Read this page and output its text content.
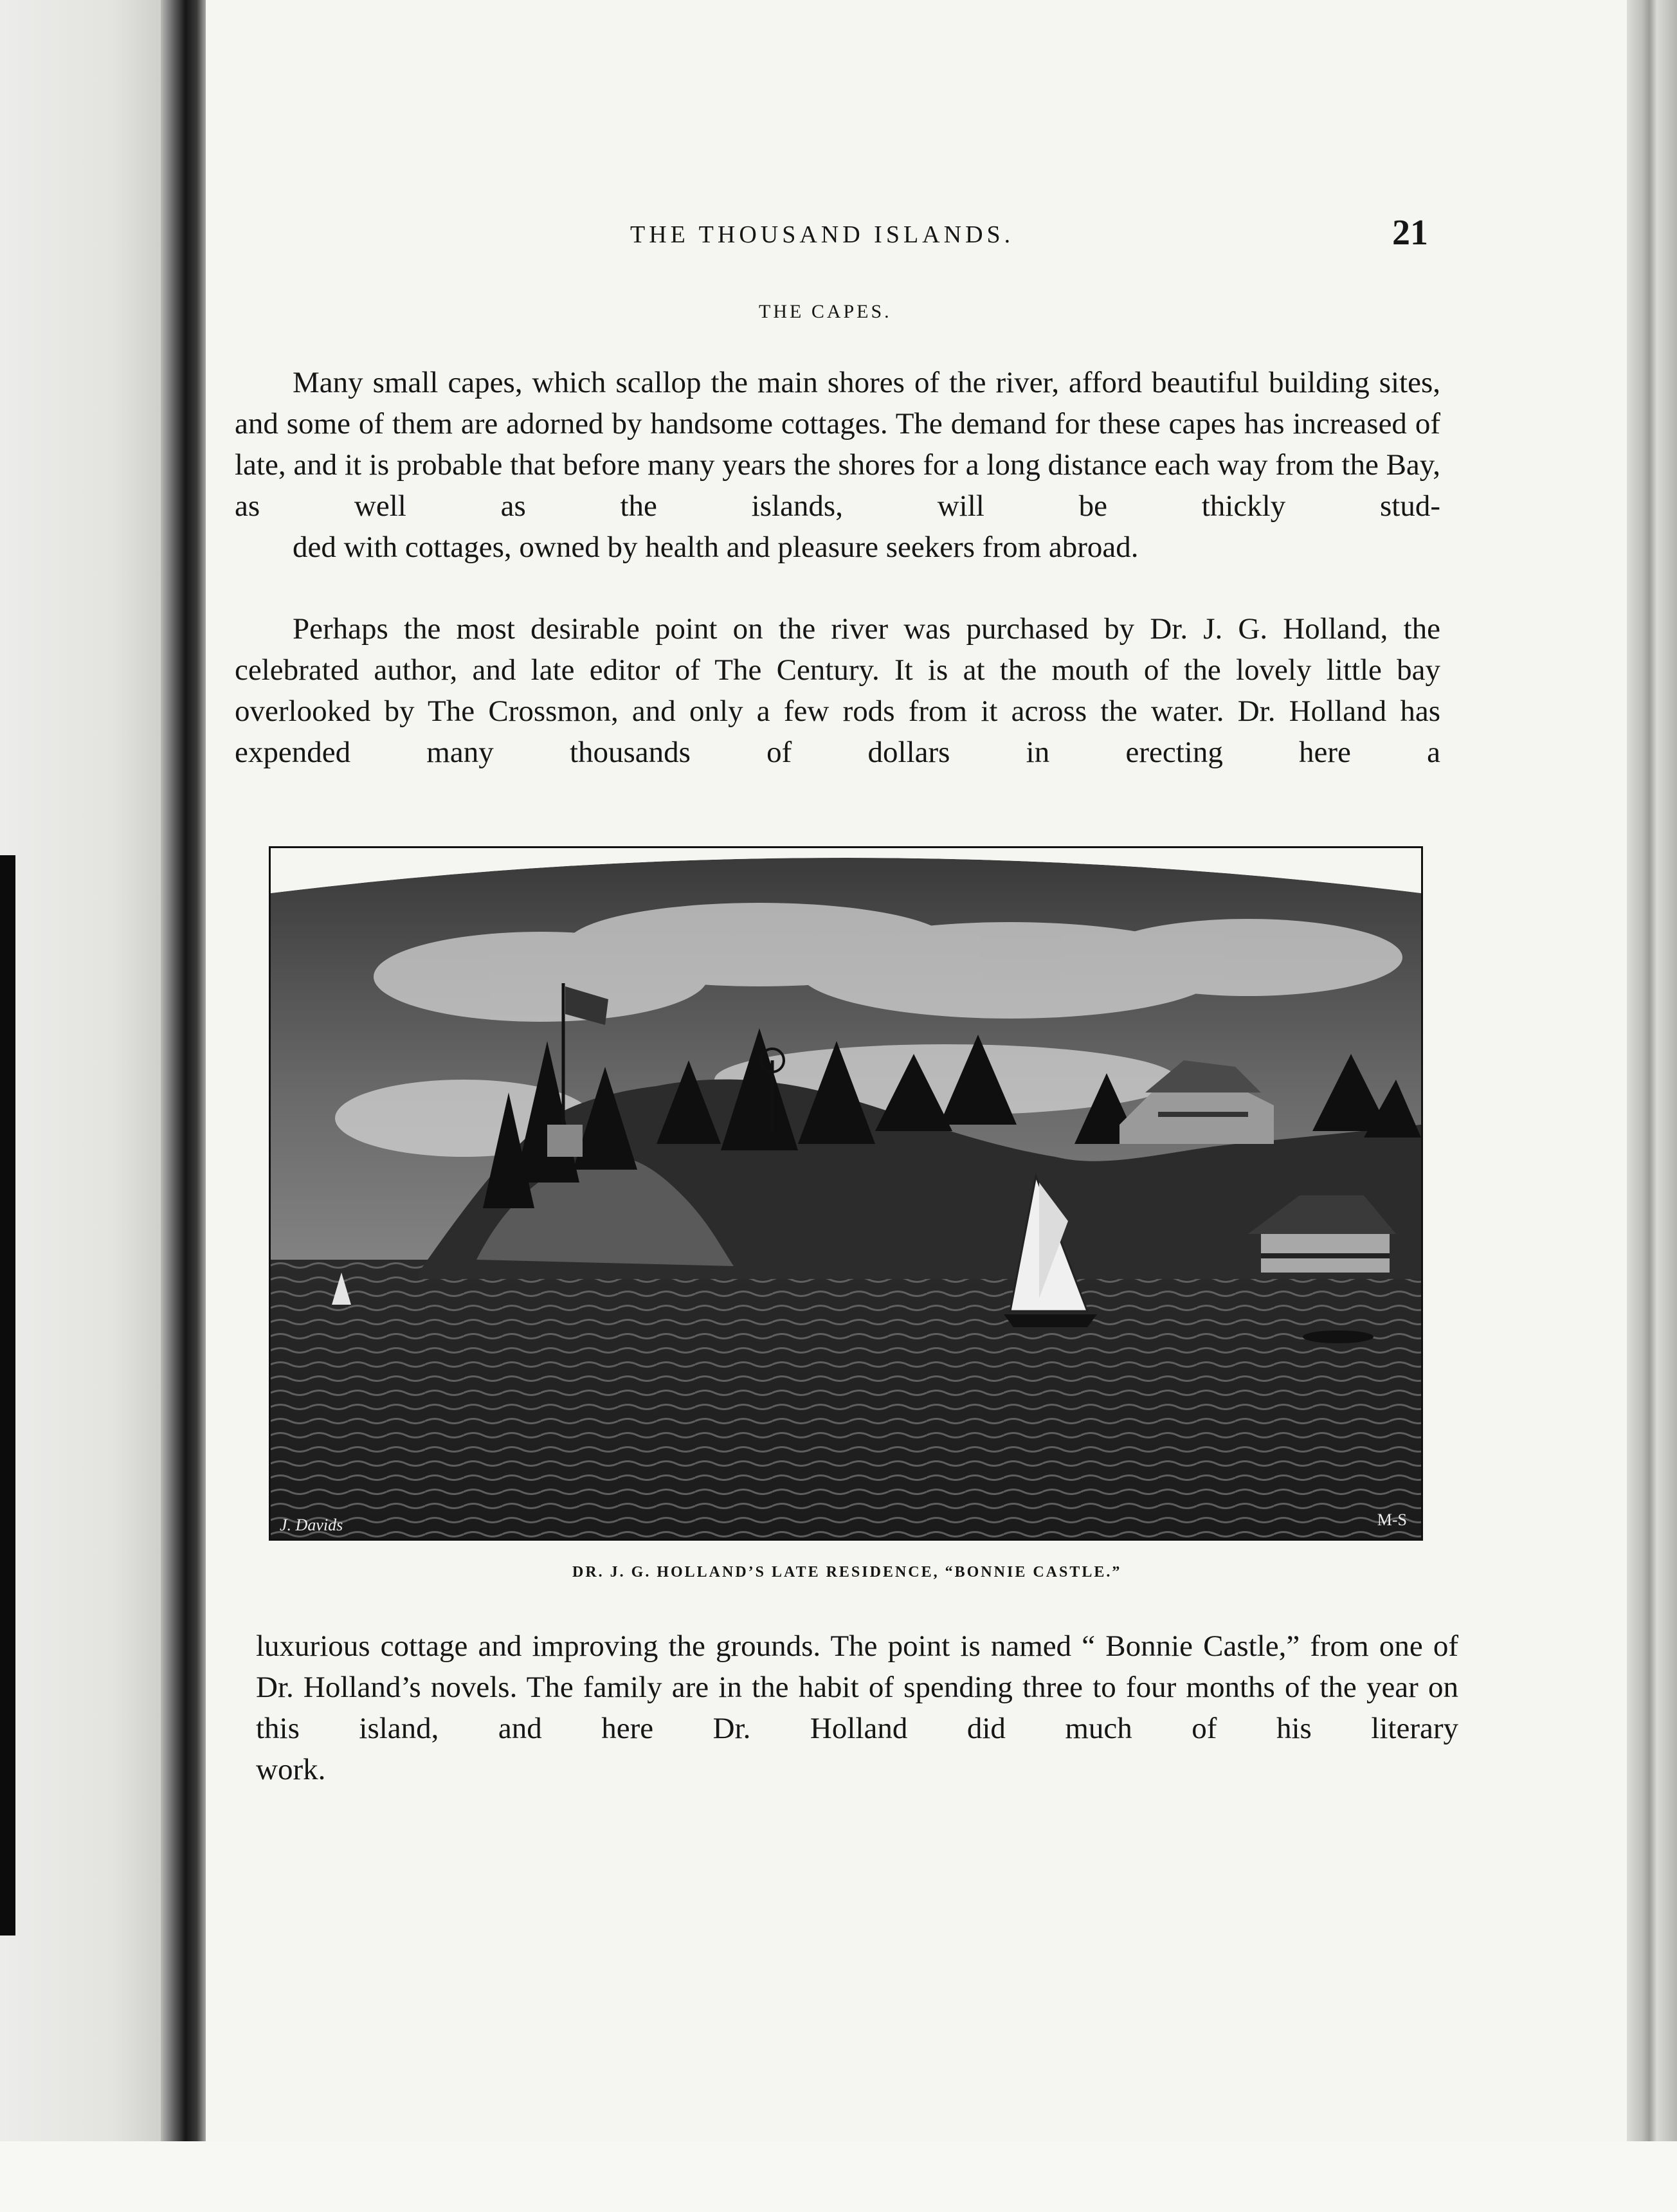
THE THOUSAND ISLANDS.	21
THE CAPES.

Many small capes, which scallop the main shores of the river, afford beautiful building sites, and some of them are adorned by handsome cottages. The demand for these capes has increased of late, and it is probable that before many years the shores for a long distance each way from the Bay, as well as the islands, will be thickly stud-
ded with cottages, owned by health and pleasure seekers from abroad.

Perhaps the most desirable point on the river was purchased by Dr. J. G. Holland, the celebrated author, and late editor of The Century. It is at the mouth of the lovely little bay overlooked by The Crossmon, and only a few rods from it across the water. Dr. Holland has expended many thousands of dollars in erecting here a

J. Davids	M-S
DR. J. G. HOLLAND’S LATE RESIDENCE, “BONNIE CASTLE.”

luxurious cottage and improving the grounds. The point is named “ Bonnie Castle,” from one of Dr. Holland’s novels. The family are in the habit of spending three to four months of the year on this island, and here Dr. Holland did much of his literary
work.
